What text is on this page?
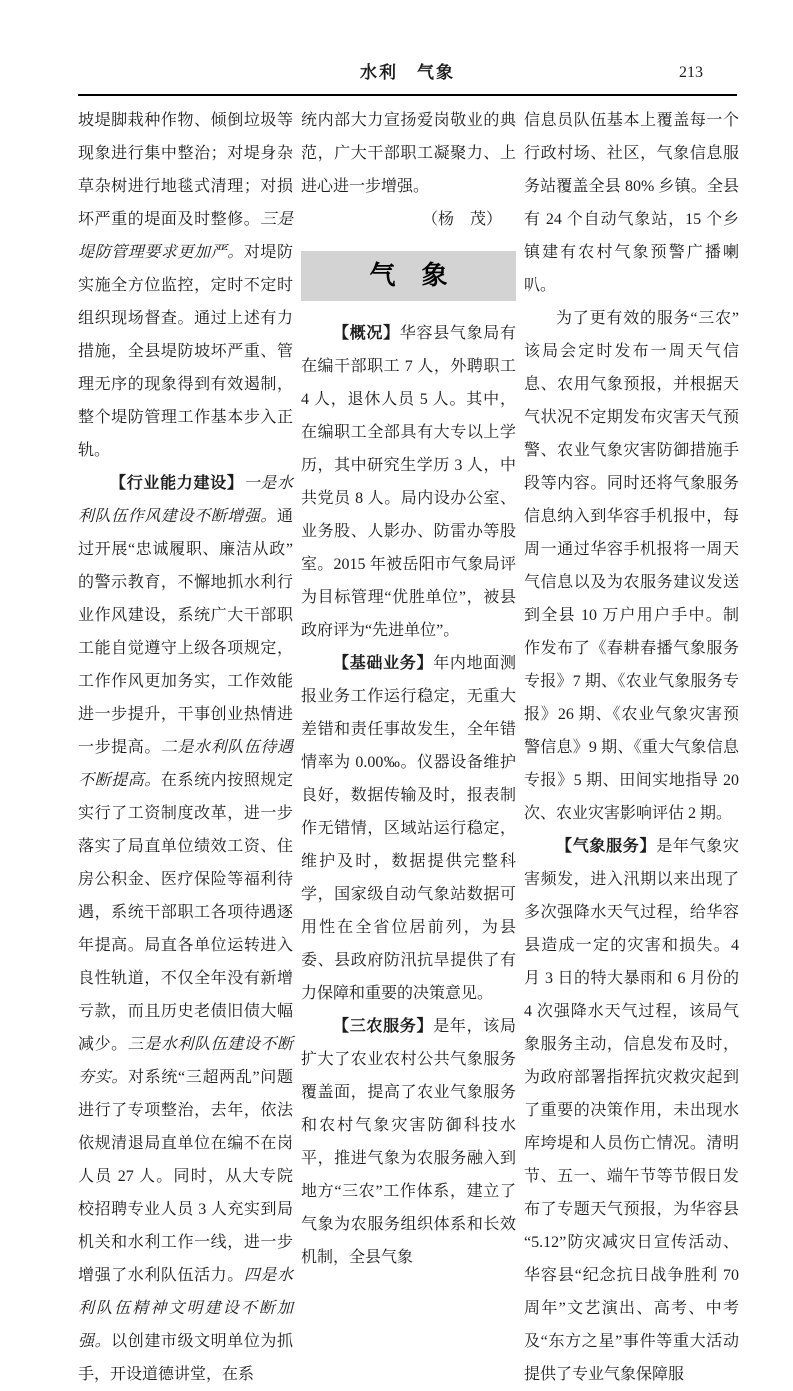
水利　气象	213

坡堤脚栽种作物、倾倒垃圾等现象进行集中整治；对堤身杂草杂树进行地毯式清理；对损坏严重的堤面及时整修。三是堤防管理要求更加严。对堤防实施全方位监控，定时不定时组织现场督查。通过上述有力措施，全县堤防坡坏严重、管理无序的现象得到有效遏制，整个堤防管理工作基本步入正轨。

【行业能力建设】一是水利队伍作风建设不断增强。通过开展“忠诚履职、廉洁从政”的警示教育，不懈地抓水利行业作风建设，系统广大干部职工能自觉遵守上级各项规定，工作作风更加务实，工作效能进一步提升，干事创业热情进一步提高。二是水利队伍待遇不断提高。在系统内按照规定实行了工资制度改革，进一步落实了局直单位绩效工资、住房公积金、医疗保险等福利待遇，系统干部职工各项待遇逐年提高。局直各单位运转进入良性轨道，不仅全年没有新增亏款，而且历史老债旧债大幅减少。三是水利队伍建设不断夯实。对系统“三超两乱”问题进行了专项整治，去年，依法依规清退局直单位在编不在岗人员 27 人。同时，从大专院校招聘专业人员 3 人充实到局机关和水利工作一线，进一步增强了水利队伍活力。四是水利队伍精神文明建设不断加强。以创建市级文明单位为抓手，开设道德讲堂，在系

统内部大力宣扬爱岗敬业的典范，广大干部职工凝聚力、上进心进一步增强。

（杨　茂）

气　象

【概况】华容县气象局有在编干部职工 7 人，外聘职工 4 人，退休人员 5 人。其中，在编职工全部具有大专以上学历，其中研究生学历 3 人，中共党员 8 人。局内设办公室、业务股、人影办、防雷办等股室。2015 年被岳阳市气象局评为目标管理“优胜单位”，被县政府评为“先进单位”。

【基础业务】年内地面测报业务工作运行稳定，无重大差错和责任事故发生，全年错情率为 0.00‰。仪器设备维护良好，数据传输及时，报表制作无错情，区域站运行稳定，维护及时，数据提供完整科学，国家级自动气象站数据可用性在全省位居前列，为县委、县政府防汛抗旱提供了有力保障和重要的决策意见。

【三农服务】是年，该局扩大了农业农村公共气象服务覆盖面，提高了农业气象服务和农村气象灾害防御科技水平，推进气象为农服务融入到地方“三农”工作体系，建立了气象为农服务组织体系和长效机制，全县气象

信息员队伍基本上覆盖每一个行政村场、社区，气象信息服务站覆盖全县 80% 乡镇。全县有 24 个自动气象站，15 个乡镇建有农村气象预警广播喇叭。

为了更有效的服务“三农”该局会定时发布一周天气信息、农用气象预报，并根据天气状况不定期发布灾害天气预警、农业气象灾害防御措施手段等内容。同时还将气象服务信息纳入到华容手机报中，每周一通过华容手机报将一周天气信息以及为农服务建议发送到全县 10 万户用户手中。制作发布了《春耕春播气象服务专报》7 期、《农业气象服务专报》26 期、《农业气象灾害预警信息》9 期、《重大气象信息专报》5 期、田间实地指导 20 次、农业灾害影响评估 2 期。

【气象服务】是年气象灾害频发，进入汛期以来出现了多次强降水天气过程，给华容县造成一定的灾害和损失。4 月 3 日的特大暴雨和 6 月份的 4 次强降水天气过程，该局气象服务主动，信息发布及时，为政府部署指挥抗灾救灾起到了重要的决策作用，未出现水库垮堤和人员伤亡情况。清明节、五一、端午节等节假日发布了专题天气预报，为华容县“5.12”防灾减灾日宣传活动、华容县“纪念抗日战争胜利 70 周年”文艺演出、高考、中考及“东方之星”事件等重大活动提供了专业气象保障服
